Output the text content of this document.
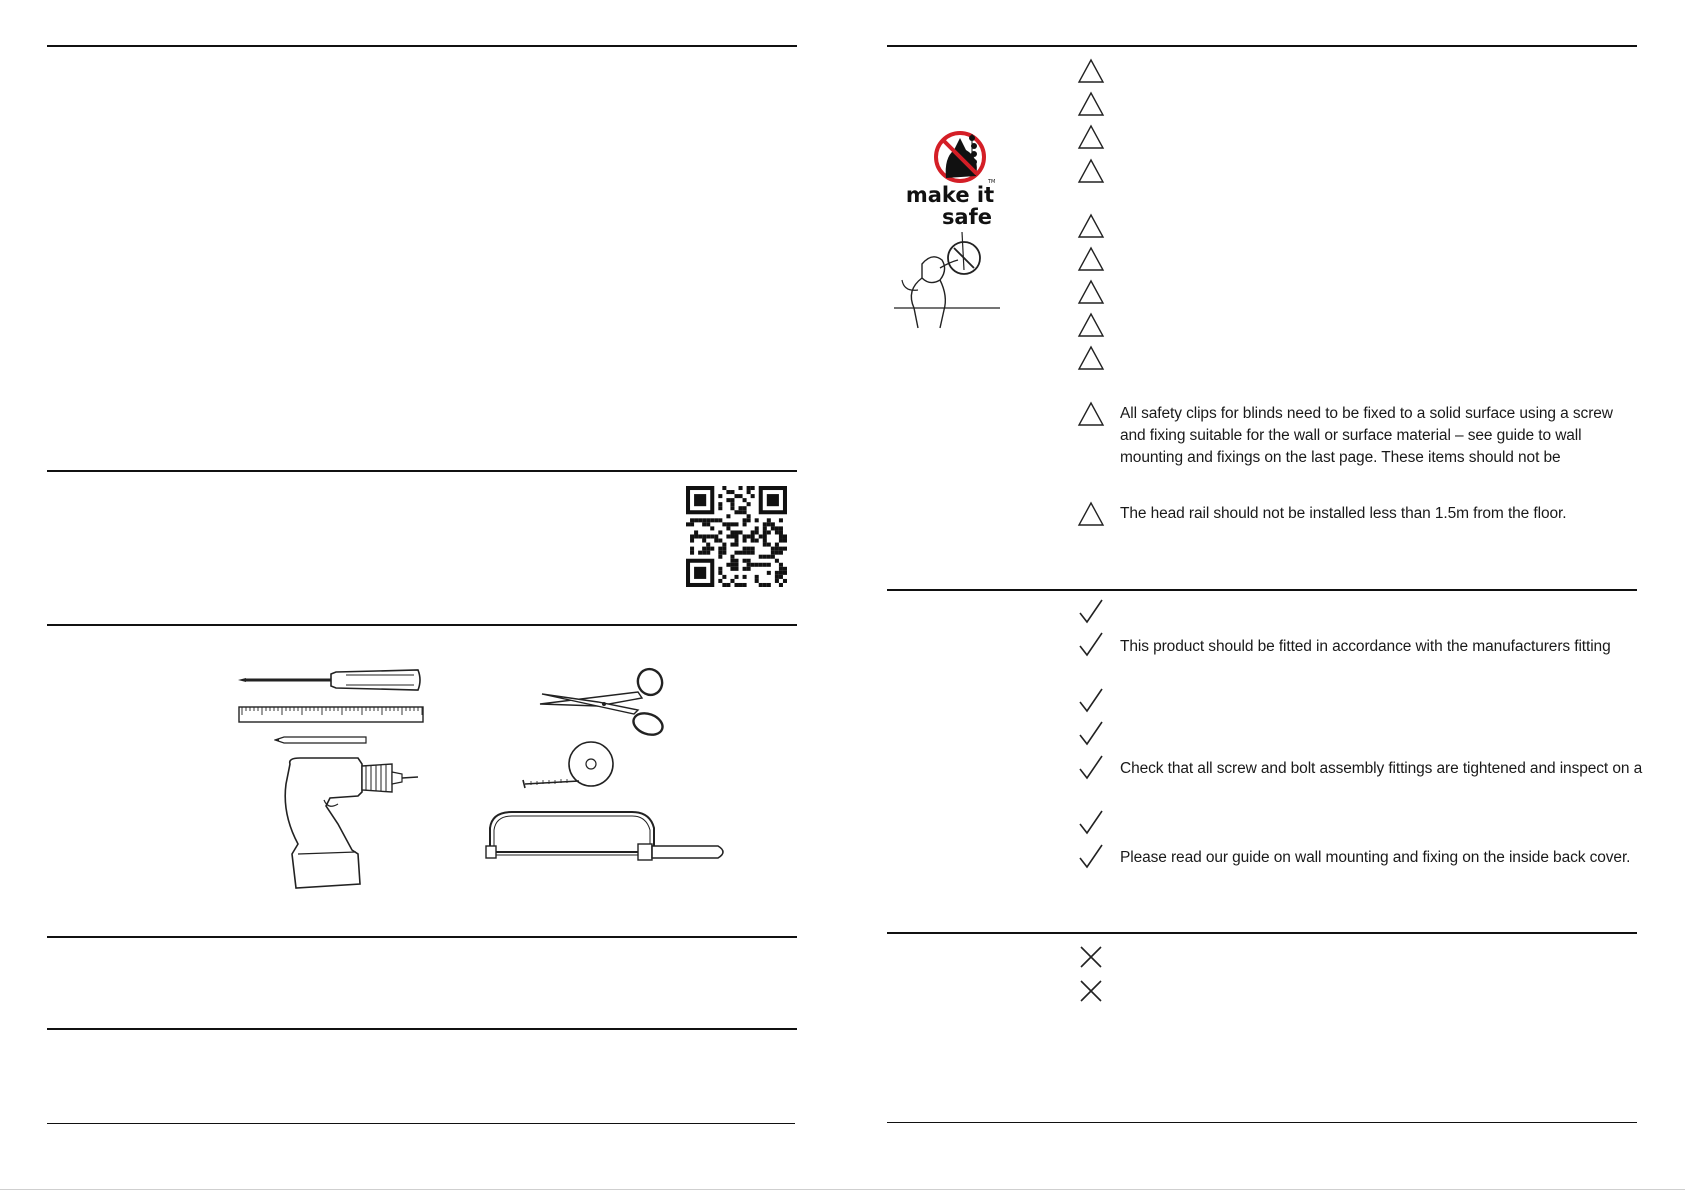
TM
make it
safe
All safety clips for blinds need to be fixed to a solid surface using a screw and fixing suitable for the wall or surface material – see guide to wall mounting and fixings on the last page. These items should not be
The head rail should not be installed less than 1.5m from the floor.
This product should be fitted in accordance with the manufacturers fitting
Check that all screw and bolt assembly fittings are tightened and inspect on a
Please read our guide on wall mounting and fixing on the inside back cover.
